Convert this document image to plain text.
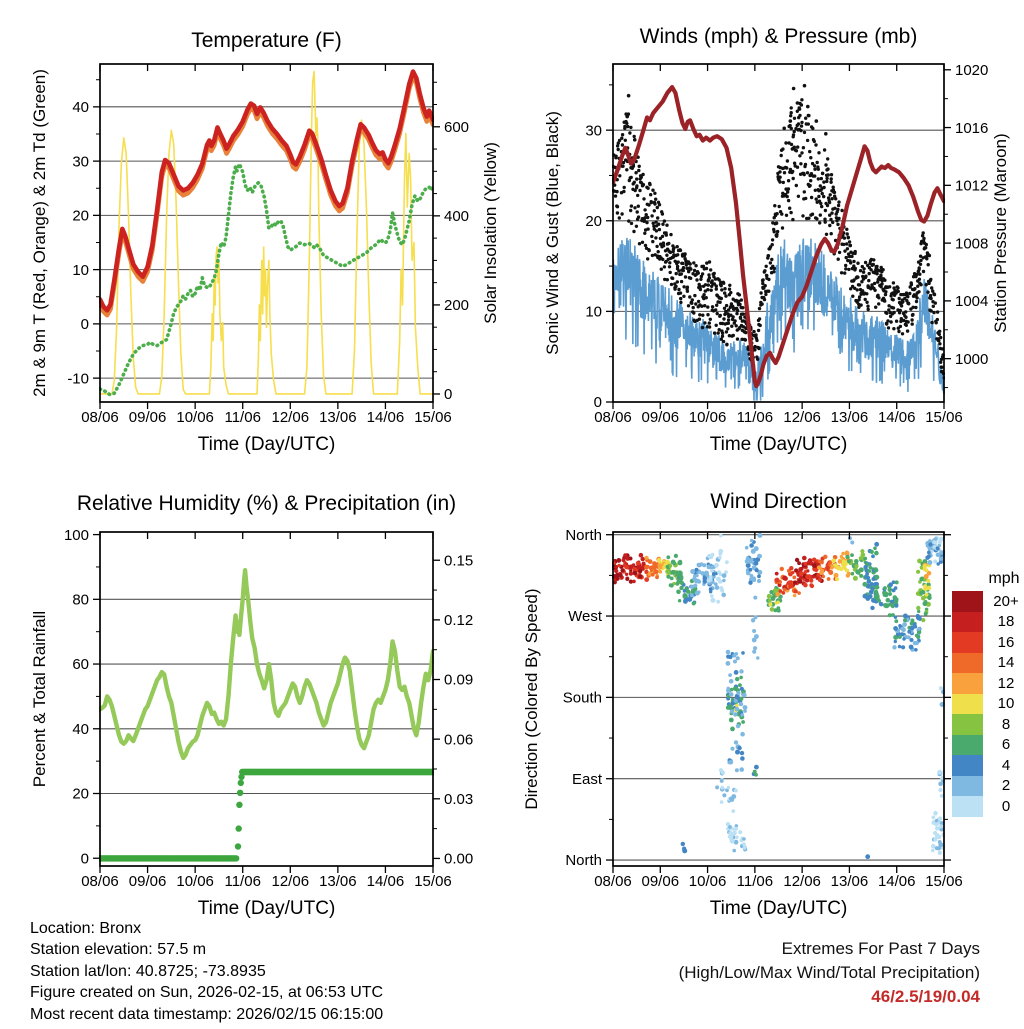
08/06 09/06 10/06 11/06 12/06 13/06 14/06 15/06
-10
0
10
20
30
40
0
200
400
600
Temperature (F)
Time (Day/UTC)
2m & 9m T (Red, Orange) & 2m Td (Green)	Solar Insolation (Yellow)
08/06 09/06 10/06 11/06 12/06 13/06 14/06 15/06
0
10
20
30
1000
1004
1008
1012
1016
1020
Winds (mph) & Pressure (mb)
Time (Day/UTC)
Sonic Wind & Gust (Blue, Black)	Station Pressure (Maroon)
08/06 09/06 10/06 11/06 12/06 13/06 14/06 15/06
0
20
40
60
80
100
0.00
0.03
0.06
0.09
0.12
0.15
Relative Humidity (%) & Precipitation (in)
Time (Day/UTC)
Percent & Total Rainfall
08/06 09/06 10/06 11/06 12/06 13/06 14/06 15/06
North
East
South
West
North
Wind Direction
Time (Day/UTC)
Direction (Colored By Speed)
mph
20+
18
16
14
12
10
8
6
4
2
0
Location: Bronx
Station elevation: 57.5 m
Station lat/lon: 40.8725; -73.8935
Figure created on Sun, 2026-02-15, at 06:53 UTC
Most recent data timestamp: 2026/02/15 06:15:00
Extremes For Past 7 Days
(High/Low/Max Wind/Total Precipitation)
46/2.5/19/0.04
